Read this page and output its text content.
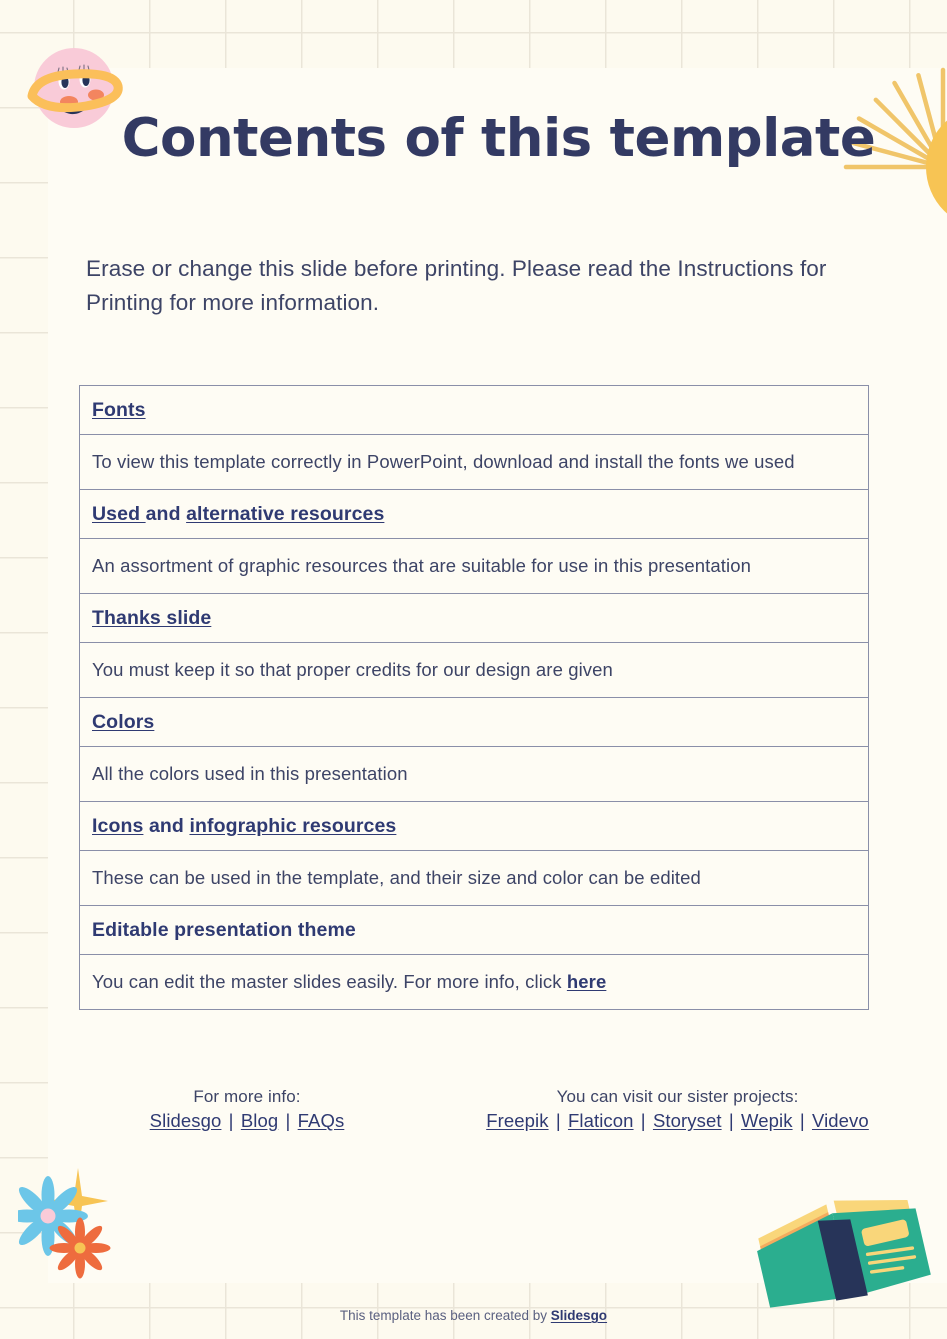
Contents of this template

Erase or change this slide before printing. Please read the Instructions for Printing for more information.

Fonts
To view this template correctly in PowerPoint, download and install the fonts we used
Used and alternative resources
An assortment of graphic resources that are suitable for use in this presentation
Thanks slide
You must keep it so that proper credits for our design are given
Colors
All the colors used in this presentation
Icons and infographic resources
These can be used in the template, and their size and color can be edited
Editable presentation theme
You can edit the master slides easily. For more info, click here
For more info:
Slidesgo | Blog | FAQs
You can visit our sister projects:
Freepik | Flaticon | Storyset | Wepik | Videvo
This template has been created by Slidesgo
